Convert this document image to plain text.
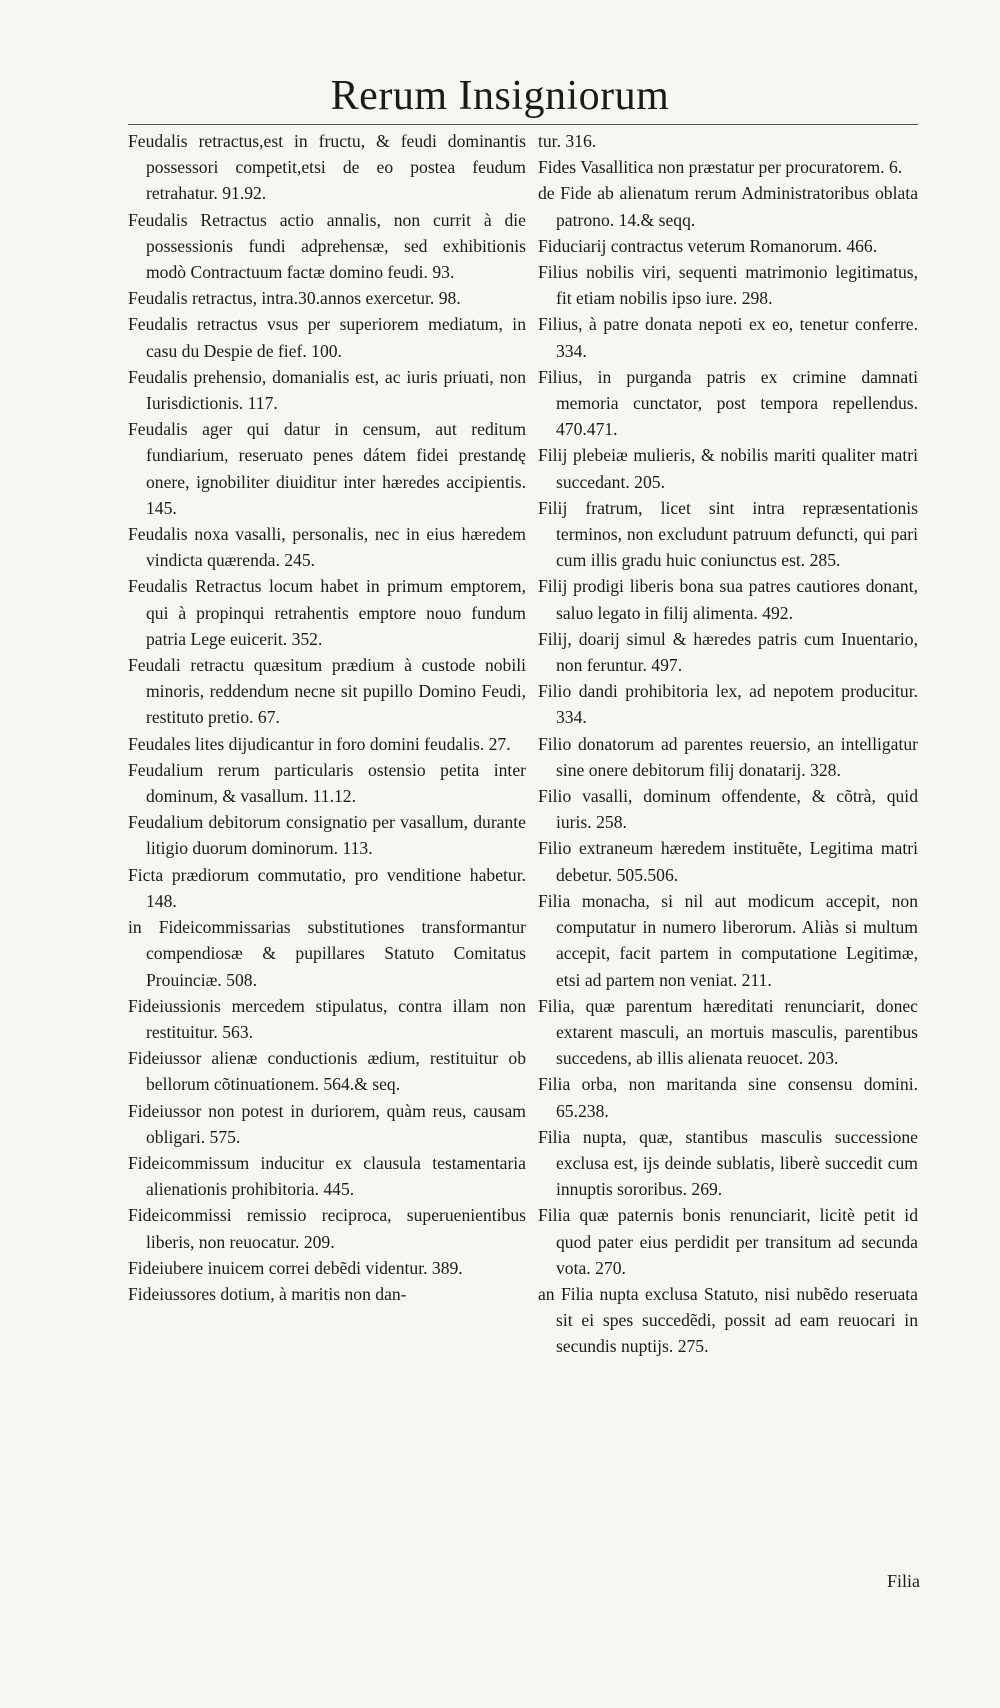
Rerum Insigniorum

Feudalis retractus,est in fructu, & feudi dominantis possessori competit,etsi de eo postea feudum retrahatur. 91.92.

Feudalis Retractus actio annalis, non currit à die possessionis fundi adprehensæ, sed exhibitionis modò Contractuum factæ domino feudi. 93.

Feudalis retractus, intra.30.annos exercetur. 98.

Feudalis retractus vsus per superiorem mediatum, in casu du Despie de fief. 100.

Feudalis prehensio, domanialis est, ac iuris priuati, non Iurisdictionis. 117.

Feudalis ager qui datur in censum, aut reditum fundiarium, reseruato penes dátem fidei prestandę onere, ignobiliter diuiditur inter hæredes accipientis. 145.

Feudalis noxa vasalli, personalis, nec in eius hæredem vindicta quærenda. 245.

Feudalis Retractus locum habet in primum emptorem, qui à propinqui retrahentis emptore nouo fundum patria Lege euicerit. 352.

Feudali retractu quæsitum prædium à custode nobili minoris, reddendum necne sit pupillo Domino Feudi, restituto pretio. 67.

Feudales lites dijudicantur in foro domini feudalis. 27.

Feudalium rerum particularis ostensio petita inter dominum, & vasallum. 11.12.

Feudalium debitorum consignatio per vasallum, durante litigio duorum dominorum. 113.

Ficta prædiorum commutatio, pro venditione habetur. 148.

in Fideicommissarias substitutiones transformantur compendiosæ & pupillares Statuto Comitatus Prouinciæ. 508.

Fideiussionis mercedem stipulatus, contra illam non restituitur. 563.

Fideiussor alienæ conductionis ædium, restituitur ob bellorum cõtinuationem. 564.& seq.

Fideiussor non potest in duriorem, quàm reus, causam obligari. 575.

Fideicommissum inducitur ex clausula testamentaria alienationis prohibitoria. 445.

Fideicommissi remissio reciproca, superuenientibus liberis, non reuocatur. 209.

Fideiubere inuicem correi debẽdi videntur. 389.

Fideiussores dotium, à maritis non dan-

tur. 316.

Fides Vasallitica non præstatur per procuratorem. 6.

de Fide ab alienatum rerum Administratoribus oblata patrono. 14.& seqq.

Fiduciarij contractus veterum Romanorum. 466.

Filius nobilis viri, sequenti matrimonio legitimatus, fit etiam nobilis ipso iure. 298.

Filius, à patre donata nepoti ex eo, tenetur conferre. 334.

Filius, in purganda patris ex crimine damnati memoria cunctator, post tempora repellendus. 470.471.

Filij plebeiæ mulieris, & nobilis mariti qualiter matri succedant. 205.

Filij fratrum, licet sint intra repræsentationis terminos, non excludunt patruum defuncti, qui pari cum illis gradu huic coniunctus est. 285.

Filij prodigi liberis bona sua patres cautiores donant, saluo legato in filij alimenta. 492.

Filij, doarij simul & hæredes patris cum Inuentario, non feruntur. 497.

Filio dandi prohibitoria lex, ad nepotem producitur. 334.

Filio donatorum ad parentes reuersio, an intelligatur sine onere debitorum filij donatarij. 328.

Filio vasalli, dominum offendente, & cõtrà, quid iuris. 258.

Filio extraneum hæredem instituẽte, Legitima matri debetur. 505.506.

Filia monacha, si nil aut modicum accepit, non computatur in numero liberorum. Aliàs si multum accepit, facit partem in computatione Legitimæ, etsi ad partem non veniat. 211.

Filia, quæ parentum hæreditati renunciarit, donec extarent masculi, an mortuis masculis, parentibus succedens, ab illis alienata reuocet. 203.

Filia orba, non maritanda sine consensu domini. 65.238.

Filia nupta, quæ, stantibus masculis successione exclusa est, ijs deinde sublatis, liberè succedit cum innuptis sororibus. 269.

Filia quæ paternis bonis renunciarit, licitè petit id quod pater eius perdidit per transitum ad secunda vota. 270.

an Filia nupta exclusa Statuto, nisi nubẽdo reseruata sit ei spes succedẽdi, possit ad eam reuocari in secundis nuptijs. 275.

Filia
